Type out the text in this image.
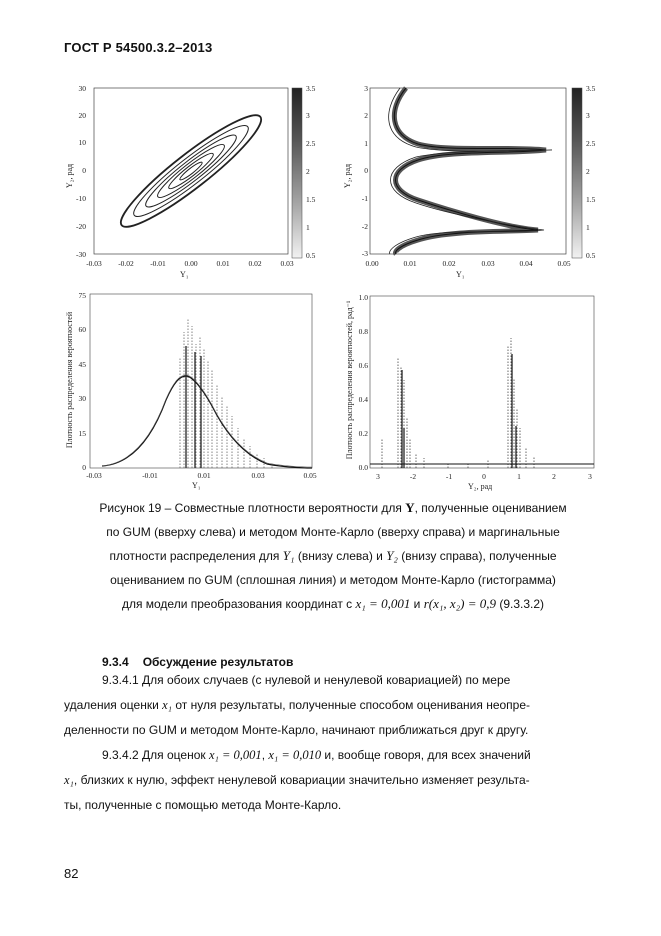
ГОСТ Р 54500.3.2–2013
30
20
10
0
-10
-20
-30
-0.03 -0.02 -0.01 0.00	0.01	0.02	0.03
3.5
3
2.5
2
1.5
1
0.5
Y₂, рад
Y₁
3
2
1
0
-1
-2
-3
0.00	0.01	0.02	0.03	0.04	0.05
3.5
3
2.5
2
1.5
1
0.5
Y₂, рад
Y₁
75
60
45
30
15
0
-0.03	-0.01	0.01	0.03	0.05
Плотность распределения вероятностей
Y₁
1.0
0.8
0.6
0.4
0.2
0.0
3	-2	-1	0	1	2	3
Плотность распределения вероятностей, рад⁻¹
Y₂, рад

Рисунок 19 – Совместные плотности вероятности для Y, полученные оцениванием

по GUM (вверху слева) и методом Монте-Карло (вверху справа) и маргинальные

плотности распределения для Y₁ (внизу слева) и Y₂ (внизу справа), полученные

оцениванием по GUM (сплошная линия) и методом Монте-Карло (гистограмма)

для модели преобразования координат с x₁ = 0,001 и r(x₁, x₂) = 0,9 (9.3.3.2)

9.3.4 Обсуждение результатов
9.3.4.1 Для обоих случаев (с нулевой и ненулевой ковариацией) по мере
удаления оценки x₁ от нуля результаты, полученные способом оценивания неопре-
деленности по GUM и методом Монте-Карло, начинают приближаться друг к другу.
9.3.4.2 Для оценок x₁ = 0,001, x₁ = 0,010 и, вообще говоря, для всех значений
x₁, близких к нулю, эффект ненулевой ковариации значительно изменяет результа-
ты, полученные с помощью метода Монте-Карло.
82
